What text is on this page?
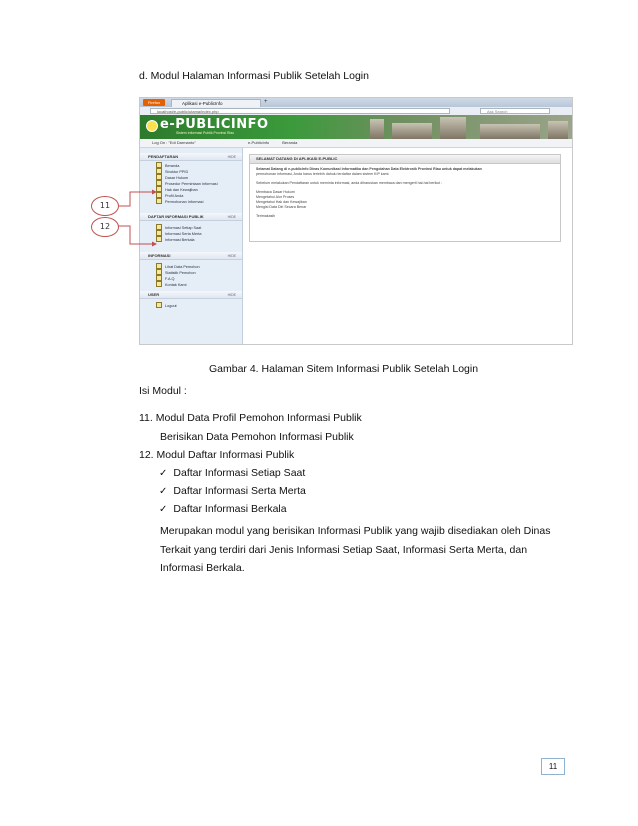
d. Modul Halaman Informasi Publik Setelah Login
Firefox	Aplikasi e-PublicInfo	+
localhost/e-public/utama/index.php	Ask Search
e-PUBLICINFO
Sistem Informasi Publik Provinsi Riau
Log On : "Edi Darmanto"	e-PublicInfo	Beranda
PENDAFTARAN	HIDE
Beranda
Struktur PPID
Dasar Hukum
Prosedur Permintaan Informasi
Hak dan Kewajiban
Profil Anda
Permohonan Informasi
DAFTAR INFORMASI PUBLIK	HIDE
Informasi Setiap Saat
Informasi Serta Merta
Informasi Berkala
INFORMASI	HIDE
Lihat Data Pemohon
Statistik Pemohon
F.A.Q
Kontak Kami
USER	HIDE
Logout
SELAMAT DATANG DI APLIKASI E-PUBLIC
Selamat Datang di e-publicInfo Dinas Komunikasi Informatika dan Pengolahan Data Elektronik Provinsi Riau untuk dapat melakukan
permohonan informasi, Anda harus terlebih dahulu terdaftar dalam sistem KIP kami.
Sebelum melakukan Pendaftaran untuk meminta informasi, anda diharuskan membaca dan mengerti hal-hal berikut :
Membaca Dasar Hukum
Mengetahui Alur Proses
Mengetahui Hak dan Kewajiban
Mengisi Data Diri Secara Benar
Terimakasih
11
12
Gambar 4. Halaman Sitem Informasi Publik Setelah Login
Isi Modul :
11. Modul Data Profil Pemohon Informasi Publik
Berisikan Data Pemohon Informasi Publik
12. Modul Daftar Informasi Publik
✓ Daftar Informasi Setiap Saat
✓ Daftar Informasi Serta Merta
✓ Daftar Informasi Berkala
Merupakan modul yang berisikan Informasi Publik yang wajib disediakan oleh Dinas
Terkait yang terdiri dari Jenis Informasi Setiap Saat, Informasi Serta Merta, dan
Informasi Berkala.
11
